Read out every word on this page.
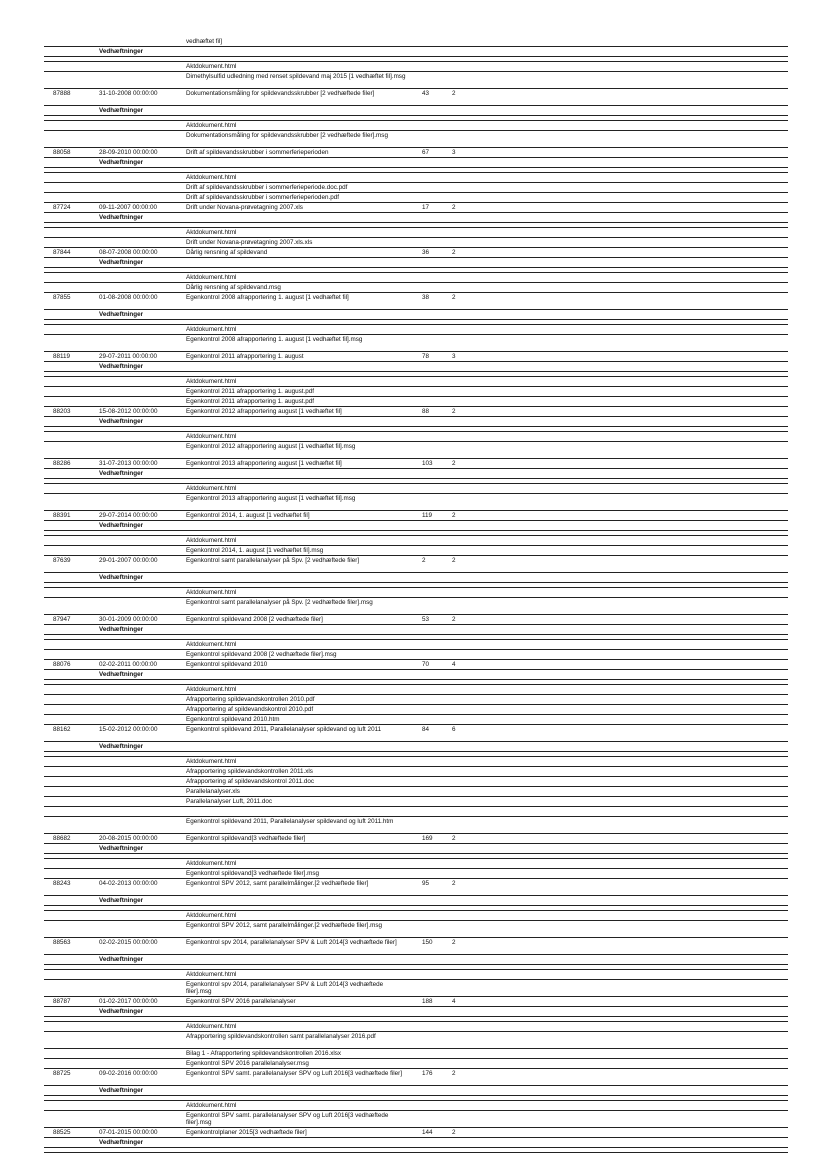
vedhæftet fil]
Vedhæftninger
Aktdokument.html
Dimethylsulfid udledning med renset spildevand maj 2015 [1 vedhæftet fil].msg
87888	31-10-2008 00:00:00	Dokumentationsmåling for spildevandsskrubber [2 vedhæftede filer]	43	2
Vedhæftninger
Aktdokument.html
Dokumentationsmåling for spildevandsskrubber [2 vedhæftede filer].msg
88058	28-09-2010 00:00:00	Drift af spildevandsskrubber i sommerferieperioden	67	3
Vedhæftninger
Aktdokument.html
Drift af spildevandsskrubber i sommerferieperiode.doc.pdf
Drift af spildevandsskrubber i sommerferieperioden.pdf
87724	09-11-2007 00:00:00	Drift under Novana-prøvetagning 2007.xls	17	2
Vedhæftninger
Aktdokument.html
Drift under Novana-prøvetagning 2007.xls.xls
87844	08-07-2008 00:00:00	Dårlig rensning af spildevand	36	2
Vedhæftninger
Aktdokument.html
Dårlig rensning af spildevand.msg
87855	01-08-2008 00:00:00	Egenkontrol 2008 afrapportering 1. august [1 vedhæftet fil]	38	2
Vedhæftninger
Aktdokument.html
Egenkontrol 2008 afrapportering 1. august [1 vedhæftet fil].msg
88119	29-07-2011 00:00:00	Egenkontrol 2011 afrapportering 1. august	78	3
Vedhæftninger
Aktdokument.html
Egenkontrol 2011 afrapportering 1. august.pdf
Egenkontrol 2011 afrapportering 1. august.pdf
88203	15-08-2012 00:00:00	Egenkontrol 2012 afrapportering august [1 vedhæftet fil]	88	2
Vedhæftninger
Aktdokument.html
Egenkontrol 2012 afrapportering august [1 vedhæftet fil].msg
88286	31-07-2013 00:00:00	Egenkontrol 2013 afrapportering august [1 vedhæftet fil]	103	2
Vedhæftninger
Aktdokument.html
Egenkontrol 2013 afrapportering august [1 vedhæftet fil].msg
88391	29-07-2014 00:00:00	Egenkontrol 2014, 1. august [1 vedhæftet fil]	119	2
Vedhæftninger
Aktdokument.html
Egenkontrol 2014, 1. august [1 vedhæftet fil].msg
87639	29-01-2007 00:00:00	Egenkontrol samt parallelanalyser på Spv. [2 vedhæftede filer]	2	2
Vedhæftninger
Aktdokument.html
Egenkontrol samt parallelanalyser på Spv. [2 vedhæftede filer].msg
87947	30-01-2009 00:00:00	Egenkontrol spildevand 2008 [2 vedhæftede filer]	53	2
Vedhæftninger
Aktdokument.html
Egenkontrol spildevand 2008 [2 vedhæftede filer].msg
88076	02-02-2011 00:00:00	Egenkontrol spildevand 2010	70	4
Vedhæftninger
Aktdokument.html
Afrapportering spildevandskontrollen 2010.pdf
Afrapportering af spildevandskontrol 2010.pdf
Egenkontrol spildevand 2010.htm
88162	15-02-2012 00:00:00	Egenkontrol spildevand 2011, Parallelanalyser spildevand og luft 2011	84	6
Vedhæftninger
Aktdokument.html
Afrapportering spildevandskontrollen 2011.xls
Afrapportering af spildevandskontrol 2011.doc
Parallelanalyser.xls
Parallelanalyser Luft, 2011.doc
Egenkontrol spildevand 2011, Parallelanalyser spildevand og luft 2011.htm
88682	20-08-2015 00:00:00	Egenkontrol spildevand[3 vedhæftede filer]	169	2
Vedhæftninger
Aktdokument.html
Egenkontrol spildevand[3 vedhæftede filer].msg
88243	04-02-2013 00:00:00	Egenkontrol SPV 2012, samt parallelmålinger.[2 vedhæftede filer]	95	2
Vedhæftninger
Aktdokument.html
Egenkontrol SPV 2012, samt parallelmålinger.[2 vedhæftede filer].msg
88563	02-02-2015 00:00:00	Egenkontrol spv 2014, parallelanalyser SPV & Luft 2014[3 vedhæftede filer]	150	2
Vedhæftninger
Aktdokument.html
Egenkontrol spv 2014, parallelanalyser SPV & Luft 2014[3 vedhæftede filer].msg
88787	01-02-2017 00:00:00	Egenkontrol SPV 2016 parallelanalyser	188	4
Vedhæftninger
Aktdokument.html
Afrapportering spildevandskontrollen samt parallelanalyser 2016.pdf
Bilag 1 - Afrapportering spildevandskontrollen 2016.xlsx
Egenkontrol SPV 2016 parallelanalyser.msg
88725	09-02-2016 00:00:00	Egenkontrol SPV samt. parallelanalyser SPV og Luft 2016[3 vedhæftede filer]	176	2
Vedhæftninger
Aktdokument.html
Egenkontrol SPV samt. parallelanalyser SPV og Luft 2016[3 vedhæftede filer].msg
88525	07-01-2015 00:00:00	Egenkontrolplaner 2015[3 vedhæftede filer]	144	2
Vedhæftninger
